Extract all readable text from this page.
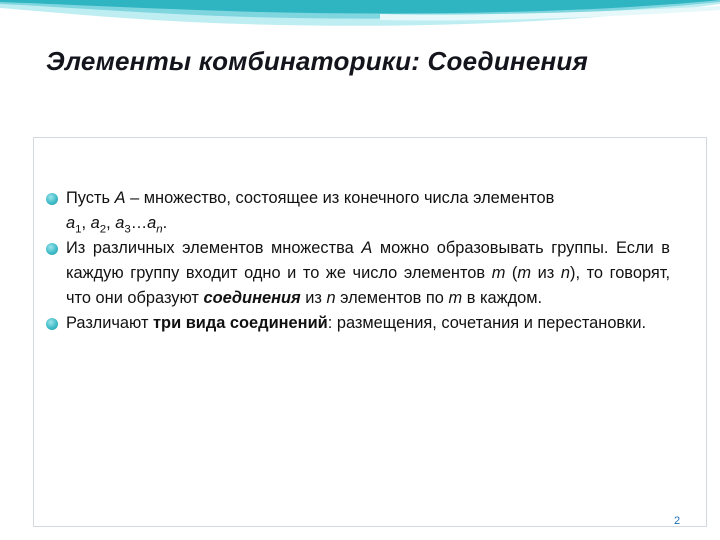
Элементы комбинаторики: Соединения
Пусть A – множество, состоящее из конечного числа элементов
$a_1$, $a_2$, $a_3\dots a_n$.
Из различных элементов множества А можно образовывать группы. Если в каждую группу входит одно и то же число элементов m (m из n), то говорят, что они образуют соединения из n элементов по m в каждом.
Различают три вида соединений: размещения, сочетания и перестановки.
2
